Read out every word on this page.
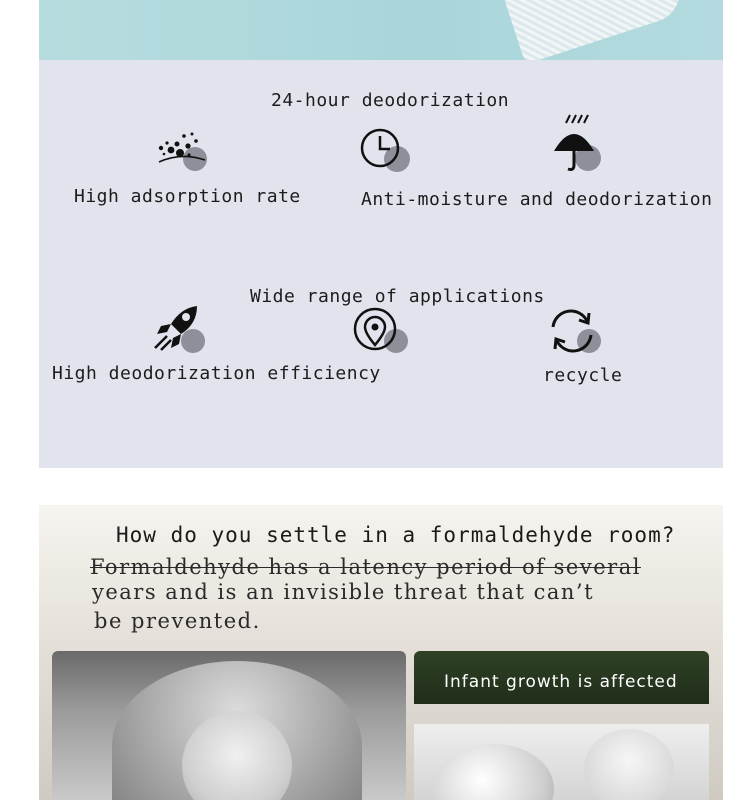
24-hour deodorization
High adsorption rate	Anti-moisture and deodorization
Wide range of applications
High deodorization efficiency	recycle
How do you settle in a formaldehyde room?
Formaldehyde has a latency period of several
years and is an invisible threat that can’t
be prevented.
Infant growth is affected
